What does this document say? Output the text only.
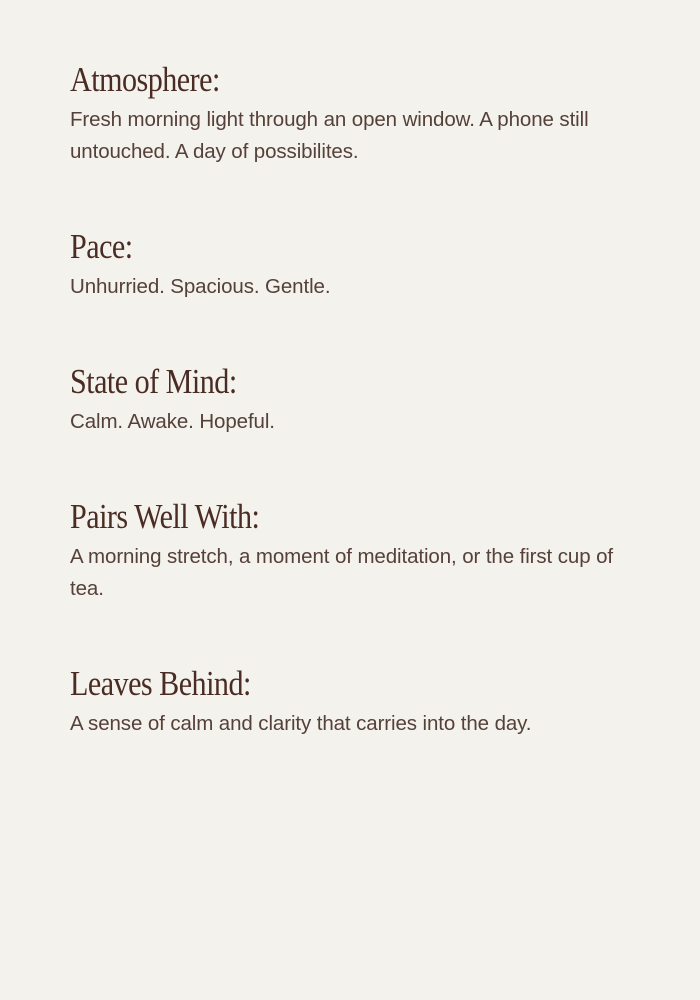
Atmosphere:

Fresh morning light through an open window. A phone still untouched. A day of possibilites.

Pace:

Unhurried. Spacious. Gentle.

State of Mind:

Calm. Awake. Hopeful.

Pairs Well With:

A morning stretch, a moment of meditation, or the first cup of tea.

Leaves Behind:

A sense of calm and clarity that carries into the day.
